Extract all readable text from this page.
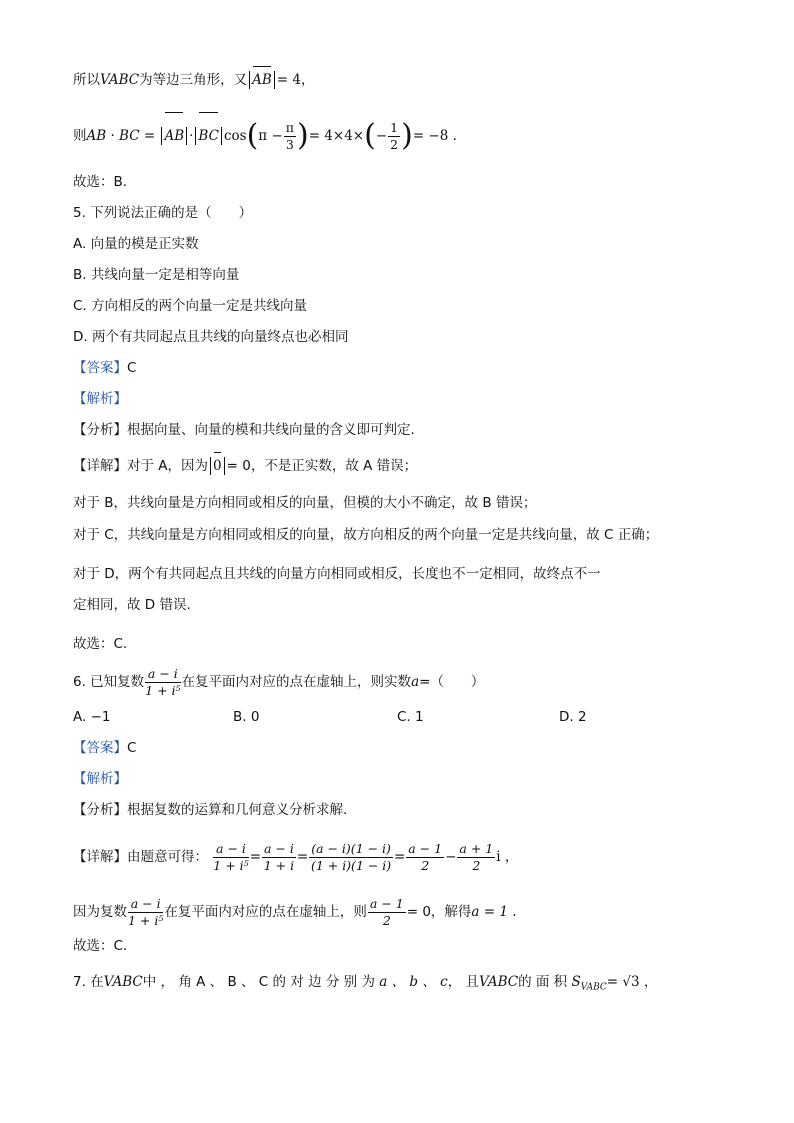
所以VABC为等边三角形，又 AB = 4，
则AB · BC = AB · BC $\cos(\pi - \frac{\pi}{3}$ )= $4\times 4\times(- \frac{1}{2}$ )= −8 .
故选：B.
5. 下列说法正确的是（　　）
A. 向量的模是正实数
B. 共线向量一定是相等向量
C. 方向相反的两个向量一定是共线向量
D. 两个有共同起点且共线的向量终点也必相同
【答案】C
【解析】
【分析】根据向量、向量的模和共线向量的含义即可判定.
【详解】对于 A，因为 0 = 0，不是正实数，故 A 错误；
对于 B，共线向量是方向相同或相反的向量，但模的大小不确定，故 B 错误；
对于 C，共线向量是方向相同或相反的向量，故方向相反的两个向量一定是共线向量，故 C 正确；
对于 D，两个有共同起点且共线的向量方向相同或相反，长度也不一定相同，故终点不一
定相同，故 D 错误.
故选：C.
6. 已知复数 $\frac{a - i}{\text{1 + i⁵}}$ 在复平面内对应的点在虚轴上，则实数a=（　　）
A. −1	B. 0	C. 1	D. 2
【答案】C
【解析】
【分析】根据复数的运算和几何意义分析求解.
【详解】由题意可得： $\frac{a - i}{\text{1 + i⁵}} = \frac{a - i}{1 + i} = \frac{(a - i)(1 - i)}{(1 + i)(1 - i)} = \frac{a - 1}{2} - \frac{a + 1}{2}$ i ，
因为复数 $\frac{a - i}{\text{1 + i⁵}}$ 在复平面内对应的点在虚轴上，则 $\frac{a - 1}{2} = 0$，解得a = 1 .
故选：C.
7. 在VABC中 ， 角 A 、 B 、 C 的 对 边 分 别 为 a 、 b 、 c， 且VABC的 面 积 $S_{VABC}= √3$ ，
